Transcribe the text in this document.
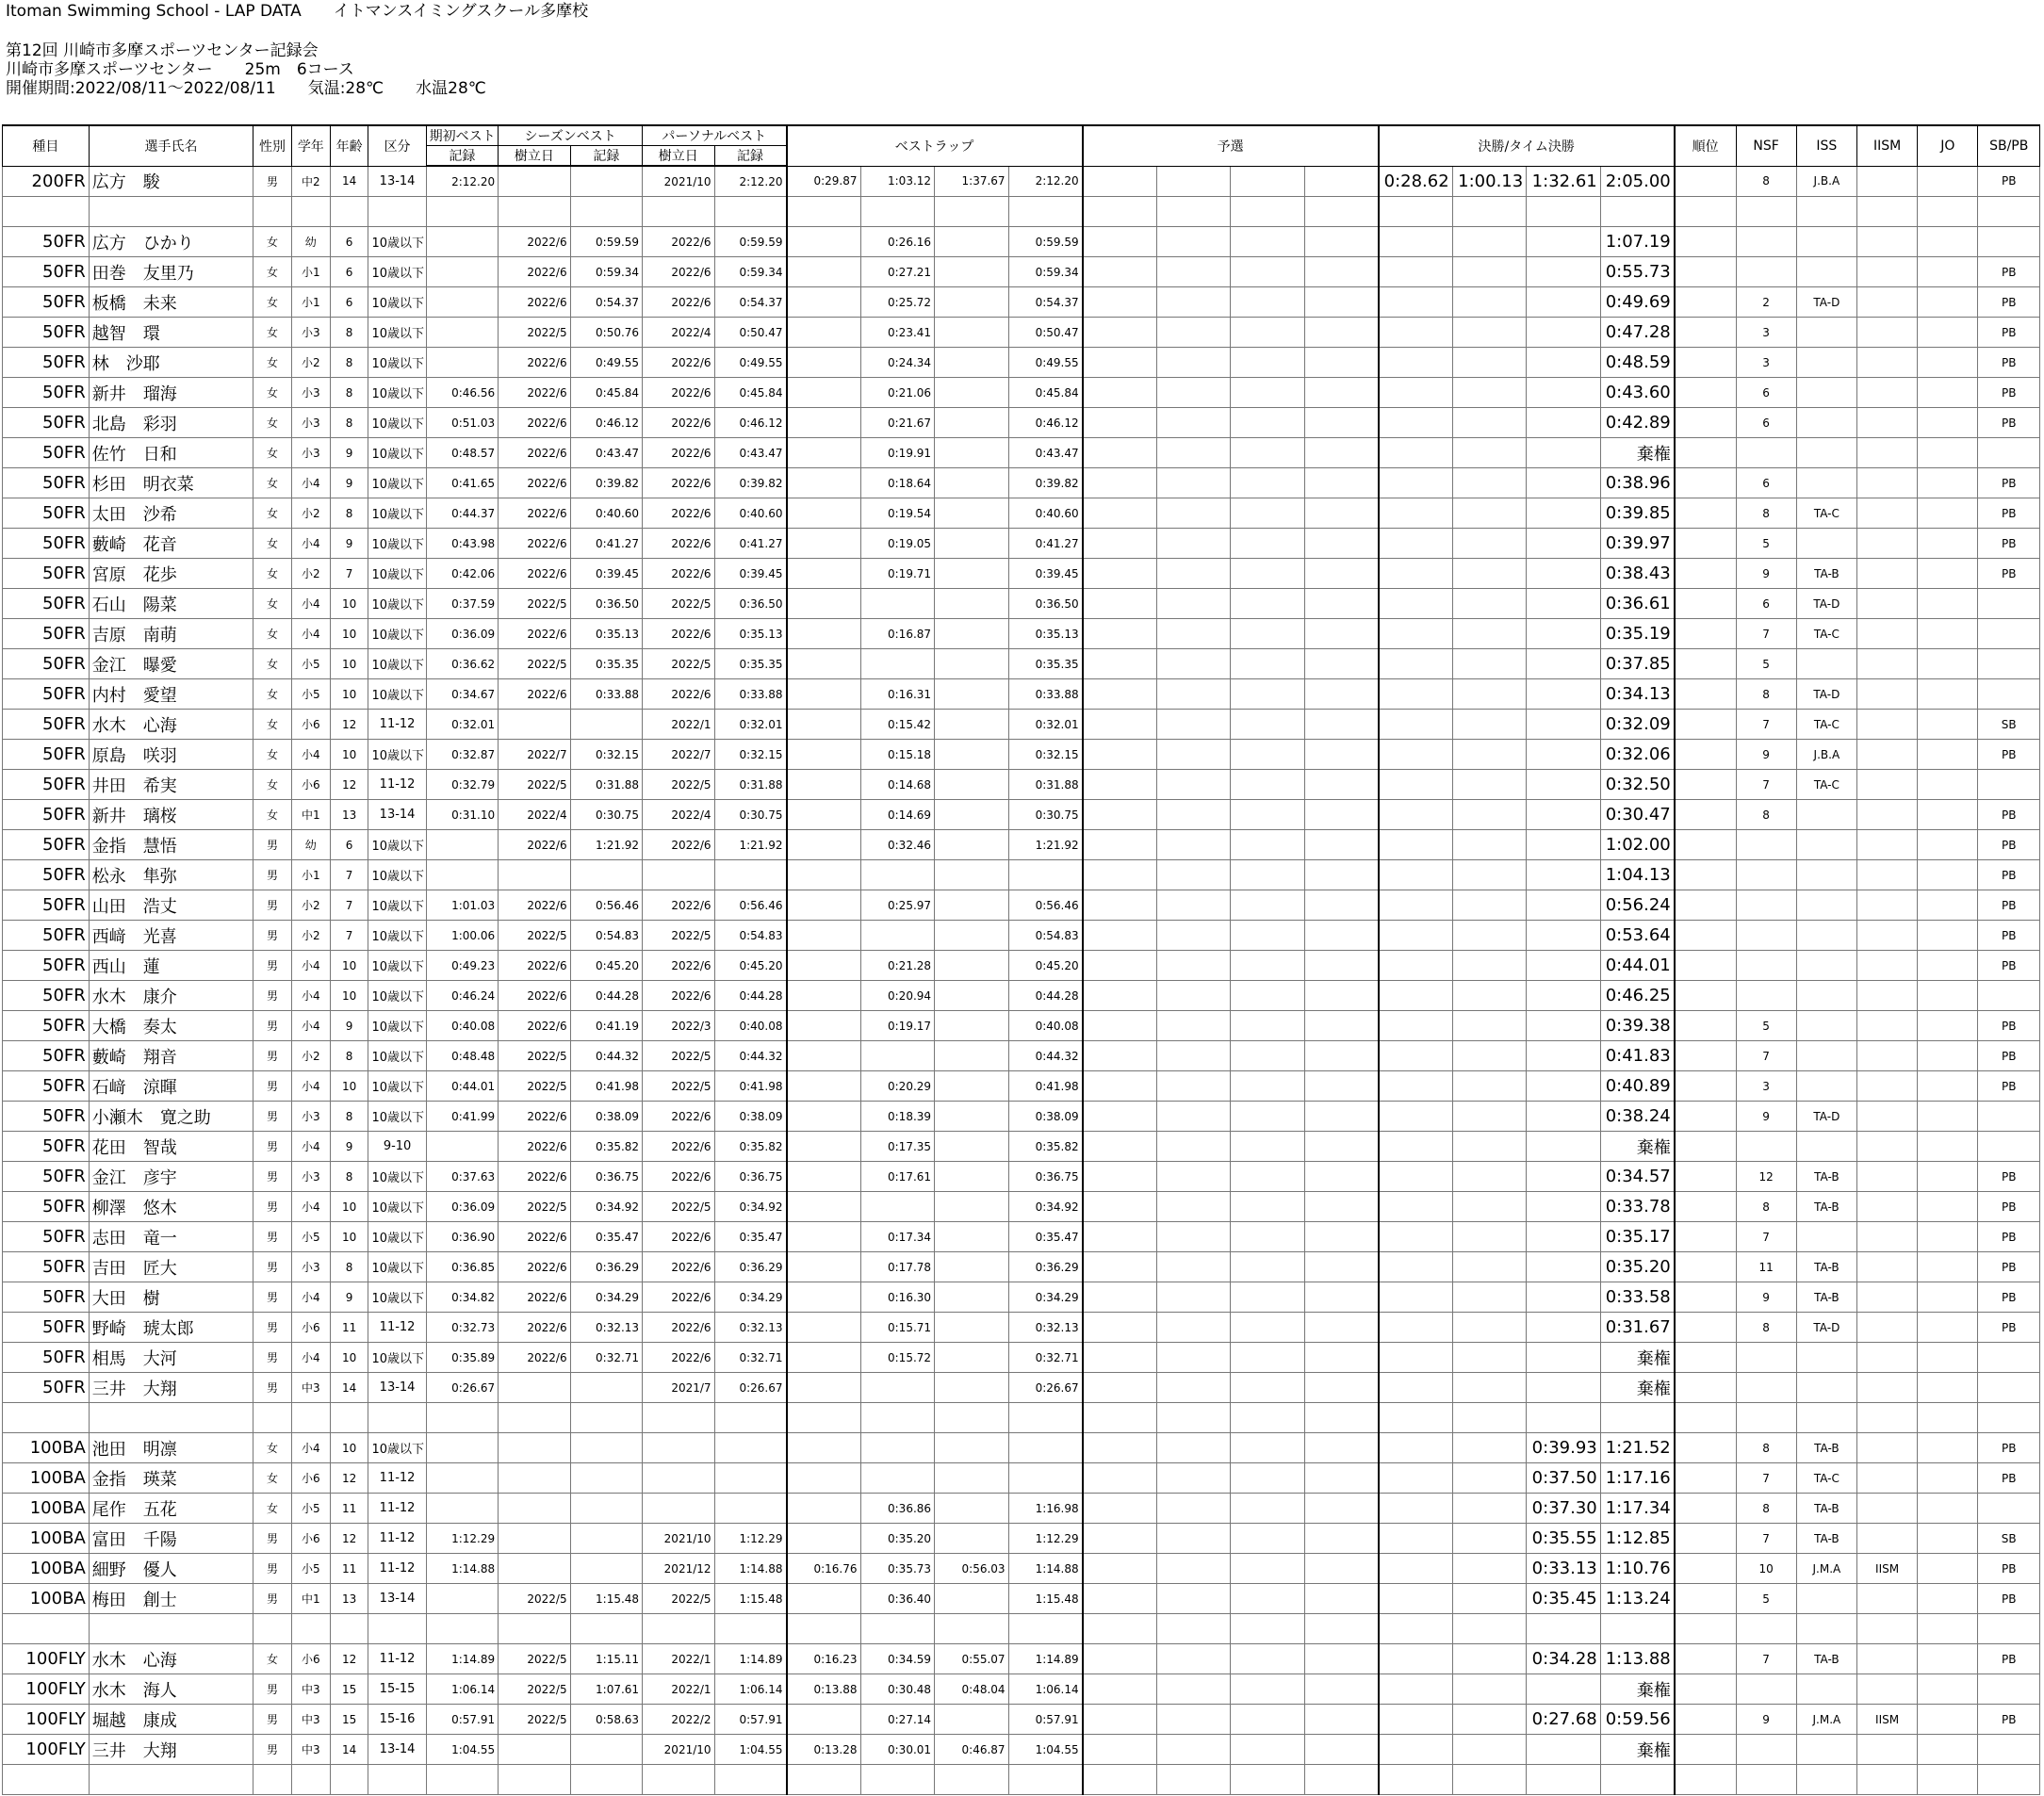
Itoman Swimming School - LAP DATA　　イトマンスイミングスクール多摩校
第12回 川崎市多摩スポーツセンター記録会
川崎市多摩スポーツセンター　　25m　6コース
開催期間:2022/08/11～2022/08/11　　気温:28℃　　水温28℃
種目	選手氏名	性別	学年	年齢	区分	期初ベスト	シーズンベスト		パーソナルベスト		ベストラップ				予選				決勝/タイム決勝				順位	NSF	ISS	IISM	JO	SB/PB
						記録	樹立日	記録	樹立日	記録																		
200FR	広方　駿	男	中2	14	13-14	2:12.20			2021/10	2:12.20	0:29.87	1:03.12	1:37.67	2:12.20					0:28.62	1:00.13	1:32.61	2:05.00		8	J.B.A			PB

50FR	広方　ひかり	女	幼	6	10歳以下		2022/6	0:59.59	2022/6	0:59.59		0:26.16		0:59.59								1:07.19						
50FR	田巻　友里乃	女	小1	6	10歳以下		2022/6	0:59.34	2022/6	0:59.34		0:27.21		0:59.34								0:55.73						PB
50FR	板橋　未来	女	小1	6	10歳以下		2022/6	0:54.37	2022/6	0:54.37		0:25.72		0:54.37								0:49.69		2	TA-D			PB
50FR	越智　環	女	小3	8	10歳以下		2022/5	0:50.76	2022/4	0:50.47		0:23.41		0:50.47								0:47.28		3				PB
50FR	林　沙耶	女	小2	8	10歳以下		2022/6	0:49.55	2022/6	0:49.55		0:24.34		0:49.55								0:48.59		3				PB
50FR	新井　瑠海	女	小3	8	10歳以下	0:46.56	2022/6	0:45.84	2022/6	0:45.84		0:21.06		0:45.84								0:43.60		6				PB
50FR	北島　彩羽	女	小3	8	10歳以下	0:51.03	2022/6	0:46.12	2022/6	0:46.12		0:21.67		0:46.12								0:42.89		6				PB
50FR	佐竹　日和	女	小3	9	10歳以下	0:48.57	2022/6	0:43.47	2022/6	0:43.47		0:19.91		0:43.47								棄権						
50FR	杉田　明衣菜	女	小4	9	10歳以下	0:41.65	2022/6	0:39.82	2022/6	0:39.82		0:18.64		0:39.82								0:38.96		6				PB
50FR	太田　沙希	女	小2	8	10歳以下	0:44.37	2022/6	0:40.60	2022/6	0:40.60		0:19.54		0:40.60								0:39.85		8	TA-C			PB
50FR	藪崎　花音	女	小4	9	10歳以下	0:43.98	2022/6	0:41.27	2022/6	0:41.27		0:19.05		0:41.27								0:39.97		5				PB
50FR	宮原　花歩	女	小2	7	10歳以下	0:42.06	2022/6	0:39.45	2022/6	0:39.45		0:19.71		0:39.45								0:38.43		9	TA-B			PB
50FR	石山　陽菜	女	小4	10	10歳以下	0:37.59	2022/5	0:36.50	2022/5	0:36.50				0:36.50								0:36.61		6	TA-D			
50FR	吉原　南萌	女	小4	10	10歳以下	0:36.09	2022/6	0:35.13	2022/6	0:35.13		0:16.87		0:35.13								0:35.19		7	TA-C			
50FR	金江　曝愛	女	小5	10	10歳以下	0:36.62	2022/5	0:35.35	2022/5	0:35.35				0:35.35								0:37.85		5				
50FR	内村　愛望	女	小5	10	10歳以下	0:34.67	2022/6	0:33.88	2022/6	0:33.88		0:16.31		0:33.88								0:34.13		8	TA-D			
50FR	水木　心海	女	小6	12	11-12	0:32.01			2022/1	0:32.01		0:15.42		0:32.01								0:32.09		7	TA-C			SB
50FR	原島　咲羽	女	小4	10	10歳以下	0:32.87	2022/7	0:32.15	2022/7	0:32.15		0:15.18		0:32.15								0:32.06		9	J.B.A			PB
50FR	井田　希実	女	小6	12	11-12	0:32.79	2022/5	0:31.88	2022/5	0:31.88		0:14.68		0:31.88								0:32.50		7	TA-C			
50FR	新井　璃桜	女	中1	13	13-14	0:31.10	2022/4	0:30.75	2022/4	0:30.75		0:14.69		0:30.75								0:30.47		8				PB
50FR	金指　慧悟	男	幼	6	10歳以下		2022/6	1:21.92	2022/6	1:21.92		0:32.46		1:21.92								1:02.00						PB
50FR	松永　隼弥	男	小1	7	10歳以下																	1:04.13						PB
50FR	山田　浩丈	男	小2	7	10歳以下	1:01.03	2022/6	0:56.46	2022/6	0:56.46		0:25.97		0:56.46								0:56.24						PB
50FR	西﨑　光喜	男	小2	7	10歳以下	1:00.06	2022/5	0:54.83	2022/5	0:54.83				0:54.83								0:53.64						PB
50FR	西山　蓮	男	小4	10	10歳以下	0:49.23	2022/6	0:45.20	2022/6	0:45.20		0:21.28		0:45.20								0:44.01						PB
50FR	水木　康介	男	小4	10	10歳以下	0:46.24	2022/6	0:44.28	2022/6	0:44.28		0:20.94		0:44.28								0:46.25						
50FR	大橋　奏太	男	小4	9	10歳以下	0:40.08	2022/6	0:41.19	2022/3	0:40.08		0:19.17		0:40.08								0:39.38		5				PB
50FR	藪崎　翔音	男	小2	8	10歳以下	0:48.48	2022/5	0:44.32	2022/5	0:44.32				0:44.32								0:41.83		7				PB
50FR	石﨑　涼暉	男	小4	10	10歳以下	0:44.01	2022/5	0:41.98	2022/5	0:41.98		0:20.29		0:41.98								0:40.89		3				PB
50FR	小瀬木　寛之助	男	小3	8	10歳以下	0:41.99	2022/6	0:38.09	2022/6	0:38.09		0:18.39		0:38.09								0:38.24		9	TA-D			
50FR	花田　智哉	男	小4	9	9-10		2022/6	0:35.82	2022/6	0:35.82		0:17.35		0:35.82								棄権						
50FR	金江　彦宇	男	小3	8	10歳以下	0:37.63	2022/6	0:36.75	2022/6	0:36.75		0:17.61		0:36.75								0:34.57		12	TA-B			PB
50FR	柳澤　悠木	男	小4	10	10歳以下	0:36.09	2022/5	0:34.92	2022/5	0:34.92				0:34.92								0:33.78		8	TA-B			PB
50FR	志田　竜一	男	小5	10	10歳以下	0:36.90	2022/6	0:35.47	2022/6	0:35.47		0:17.34		0:35.47								0:35.17		7				PB
50FR	吉田　匠大	男	小3	8	10歳以下	0:36.85	2022/6	0:36.29	2022/6	0:36.29		0:17.78		0:36.29								0:35.20		11	TA-B			PB
50FR	大田　樹	男	小4	9	10歳以下	0:34.82	2022/6	0:34.29	2022/6	0:34.29		0:16.30		0:34.29								0:33.58		9	TA-B			PB
50FR	野崎　琥太郎	男	小6	11	11-12	0:32.73	2022/6	0:32.13	2022/6	0:32.13		0:15.71		0:32.13								0:31.67		8	TA-D			PB
50FR	相馬　大河	男	小4	10	10歳以下	0:35.89	2022/6	0:32.71	2022/6	0:32.71		0:15.72		0:32.71								棄権						
50FR	三井　大翔	男	中3	14	13-14	0:26.67			2021/7	0:26.67				0:26.67								棄権						

100BA	池田　明凛	女	小4	10	10歳以下																0:39.93	1:21.52		8	TA-B			PB
100BA	金指　瑛菜	女	小6	12	11-12																0:37.50	1:17.16		7	TA-C			PB
100BA	尾作　五花	女	小5	11	11-12							0:36.86		1:16.98							0:37.30	1:17.34		8	TA-B			
100BA	富田　千陽	男	小6	12	11-12	1:12.29			2021/10	1:12.29		0:35.20		1:12.29							0:35.55	1:12.85		7	TA-B			SB
100BA	細野　優人	男	小5	11	11-12	1:14.88			2021/12	1:14.88	0:16.76	0:35.73	0:56.03	1:14.88							0:33.13	1:10.76		10	J.M.A	IISM		PB
100BA	梅田　創士	男	中1	13	13-14		2022/5	1:15.48	2022/5	1:15.48		0:36.40		1:15.48							0:35.45	1:13.24		5				PB

100FLY	水木　心海	女	小6	12	11-12	1:14.89	2022/5	1:15.11	2022/1	1:14.89	0:16.23	0:34.59	0:55.07	1:14.89							0:34.28	1:13.88		7	TA-B			PB
100FLY	水木　海人	男	中3	15	15-15	1:06.14	2022/5	1:07.61	2022/1	1:06.14	0:13.88	0:30.48	0:48.04	1:06.14								棄権						
100FLY	堀越　康成	男	中3	15	15-16	0:57.91	2022/5	0:58.63	2022/2	0:57.91		0:27.14		0:57.91							0:27.68	0:59.56		9	J.M.A	IISM		PB
100FLY	三井　大翔	男	中3	14	13-14	1:04.55			2021/10	1:04.55	0:13.28	0:30.01	0:46.87	1:04.55								棄権						
